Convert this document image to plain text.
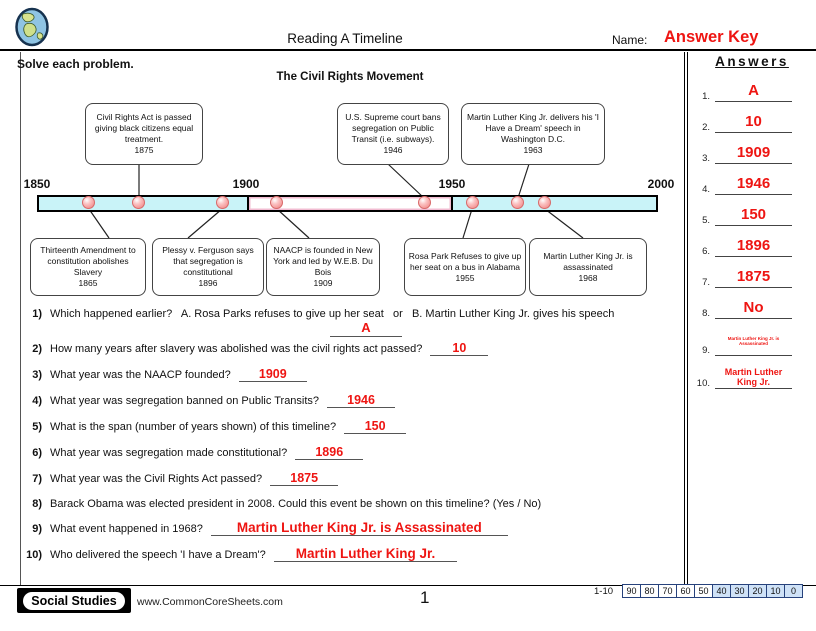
Reading A Timeline	Name: Answer Key
Solve each problem.
The Civil Rights Movement
Civil Rights Act is passed giving black citizens equal treatment.
1875
U.S. Supreme court bans segregation on Public Transit (i.e. subways).
1946
Martin Luther King Jr. delivers his 'I Have a Dream' speech in Washington D.C.
1963
1850	1900	1950	2000
Thirteenth Amendment to constitution abolishes Slavery
1865
Plessy v. Ferguson says that segregation is constitutional
1896
NAACP is founded in New York and led by W.E.B. Du Bois
1909
Rosa Park Refuses to give up her seat on a bus in Alabama
1955
Martin Luther King Jr. is assassinated
1968
1) Which happened earlier?   A. Rosa Parks refuses to give up her seat   or   B. Martin Luther King Jr. gives his speech
A
2) How many years after slavery was abolished was the civil rights act passed?	10
3) What year was the NAACP founded?	1909
4) What year was segregation banned on Public Transits?	1946
5) What is the span (number of years shown) of this timeline?	150
6) What year was segregation made constitutional?	1896
7) What year was the Civil Rights Act passed?	1875
8) Barack Obama was elected president in 2008. Could this event be shown on this timeline? (Yes / No)
9) What event happened in 1968?	Martin Luther King Jr. is Assassinated
10) Who delivered the speech 'I have a Dream'?	Martin Luther King Jr.
Answers
1.	A
2.	10
3.	1909
4.	1946
5.	150
6.	1896
7.	1875
8.	No
9.
Martin Luther King Jr. is Assassinated
10.
Martin Luther King Jr.
Social Studies	www.CommonCoreSheets.com	1	1-10	90 80 70 60 50 40 30 20 10	0
